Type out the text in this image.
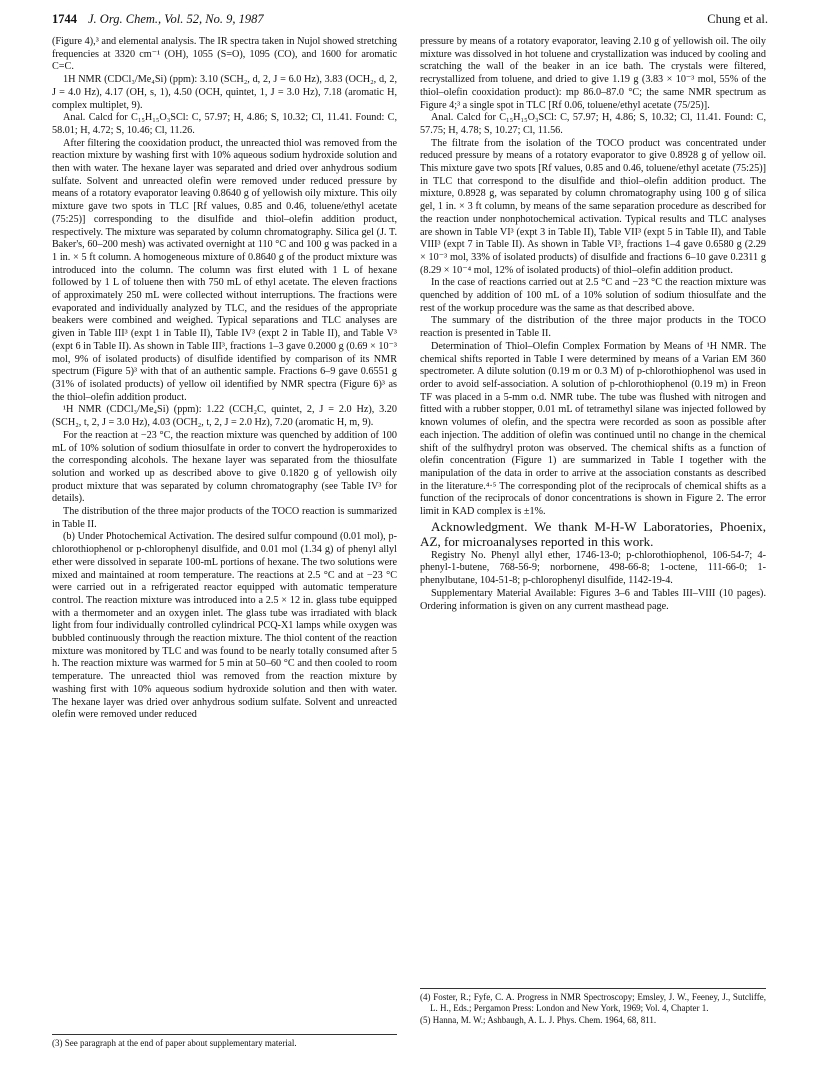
1744 J. Org. Chem., Vol. 52, No. 9, 1987	Chung et al.

(Figure 4),³ and elemental analysis. The IR spectra taken in Nujol showed stretching frequencies at 3320 cm⁻¹ (OH), 1055 (S=O), 1095 (CO), and 1600 for aromatic C=C.

1H NMR (CDCl₃/Me₄Si) (ppm): 3.10 (SCH₂, d, 2, J = 6.0 Hz), 3.83 (OCH₂, d, 2, J = 4.0 Hz), 4.17 (OH, s, 1), 4.50 (OCH, quintet, 1, J = 3.0 Hz), 7.18 (aromatic H, complex multiplet, 9).

Anal. Calcd for C₁₅H₁₅O₃SCl: C, 57.97; H, 4.86; S, 10.32; Cl, 11.41. Found: C, 58.01; H, 4.72; S, 10.46; Cl, 11.26.

After filtering the cooxidation product, the unreacted thiol was removed from the reaction mixture by washing first with 10% aqueous sodium hydroxide solution and then with water. The hexane layer was separated and dried over anhydrous sodium sulfate. Solvent and unreacted olefin were removed under reduced pressure by means of a rotatory evaporator leaving 0.8640 g of yellowish oily mixture. This oily mixture gave two spots in TLC [Rf values, 0.85 and 0.46, toluene/ethyl acetate (75:25)] corresponding to the disulfide and thiol–olefin addition product, respectively. The mixture was separated by column chromatography. Silica gel (J. T. Baker's, 60–200 mesh) was activated overnight at 110 °C and 100 g was packed in a 1 in. × 5 ft column. A homogeneous mixture of 0.8640 g of the product mixture was introduced into the column. The column was first eluted with 1 L of hexane followed by 1 L of toluene then with 750 mL of ethyl acetate. The eleven fractions of approximately 250 mL were collected without interruptions. The fractions were evaporated and individually analyzed by TLC, and the residues of the appropriate beakers were combined and weighed. Typical separations and TLC analyses are given in Table III³ (expt 1 in Table II), Table IV³ (expt 2 in Table II), and Table V³ (expt 6 in Table II). As shown in Table III³, fractions 1–3 gave 0.2000 g (0.69 × 10⁻³ mol, 9% of isolated products) of disulfide identified by comparison of its NMR spectrum (Figure 5)³ with that of an authentic sample. Fractions 6–9 gave 0.6551 g (31% of isolated products) of yellow oil identified by NMR spectra (Figure 6)³ as the thiol–olefin addition product.

¹H NMR (CDCl₃/Me₄Si) (ppm): 1.22 (CCH₂C, quintet, 2, J = 2.0 Hz), 3.20 (SCH₂, t, 2, J = 3.0 Hz), 4.03 (OCH₂, t, 2, J = 2.0 Hz), 7.20 (aromatic H, m, 9).

For the reaction at −23 °C, the reaction mixture was quenched by addition of 100 mL of 10% solution of sodium thiosulfate in order to convert the hydroperoxides to the corresponding alcohols. The hexane layer was separated from the thiosulfate solution and worked up as described above to give 0.1820 g of yellowish oily product mixture that was separated by column chromatography (see Table IV³ for details).

The distribution of the three major products of the TOCO reaction is summarized in Table II.

(b) Under Photochemical Activation. The desired sulfur compound (0.01 mol), p-chlorothiophenol or p-chlorophenyl disulfide, and 0.01 mol (1.34 g) of phenyl allyl ether were dissolved in separate 100-mL portions of hexane. The two solutions were mixed and maintained at room temperature. The reactions at 2.5 °C and at −23 °C were carried out in a refrigerated reactor equipped with automatic temperature control. The reaction mixture was introduced into a 2.5 × 12 in. glass tube equipped with a thermometer and an oxygen inlet. The glass tube was irradiated with black light from four individually controlled cylindrical PCQ-X1 lamps while oxygen was bubbled continuously through the reaction mixture. The thiol content of the reaction mixture was monitored by TLC and was found to be nearly totally consumed after 5 h. The reaction mixture was warmed for 5 min at 50–60 °C and then cooled to room temperature. The unreacted thiol was removed from the reaction mixture by washing first with 10% aqueous sodium hydroxide solution and then with water. The hexane layer was dried over anhydrous sodium sulfate. Solvent and unreacted olefin were removed under reduced

pressure by means of a rotatory evaporator, leaving 2.10 g of yellowish oil. The oily mixture was dissolved in hot toluene and crystallization was induced by cooling and scratching the wall of the beaker in an ice bath. The crystals were filtered, recrystallized from toluene, and dried to give 1.19 g (3.83 × 10⁻³ mol, 55% of the thiol–olefin cooxidation product): mp 86.0–87.0 °C; the same NMR spectrum as Figure 4;³ a single spot in TLC [Rf 0.06, toluene/ethyl acetate (75/25)].

Anal. Calcd for C₁₅H₁₅O₃SCl: C, 57.97; H, 4.86; S, 10.32; Cl, 11.41. Found: C, 57.75; H, 4.78; S, 10.27; Cl, 11.56.

The filtrate from the isolation of the TOCO product was concentrated under reduced pressure by means of a rotatory evaporator to give 0.8928 g of yellow oil. This mixture gave two spots [Rf values, 0.85 and 0.46, toluene/ethyl acetate (75:25)] in TLC that correspond to the disulfide and thiol–olefin addition product. The mixture, 0.8928 g, was separated by column chromatography using 100 g of silica gel, 1 in. × 3 ft column, by means of the same separation procedure as described for the reaction under nonphotochemical activation. Typical results and TLC analyses are shown in Table VI³ (expt 3 in Table II), Table VII³ (expt 5 in Table II), and Table VIII³ (expt 7 in Table II). As shown in Table VI³, fractions 1–4 gave 0.6580 g (2.29 × 10⁻³ mol, 33% of isolated products) of disulfide and fractions 6–10 gave 0.2311 g (8.29 × 10⁻⁴ mol, 12% of isolated products) of thiol–olefin addition product.

In the case of reactions carried out at 2.5 °C and −23 °C the reaction mixture was quenched by addition of 100 mL of a 10% solution of sodium thiosulfate and the rest of the workup procedure was the same as that described above.

The summary of the distribution of the three major products in the TOCO reaction is presented in Table II.

Determination of Thiol–Olefin Complex Formation by Means of ¹H NMR. The chemical shifts reported in Table I were determined by means of a Varian EM 360 spectrometer. A dilute solution (0.19 m or 0.3 M) of p-chlorothiophenol was used in order to avoid self-association. A solution of p-chlorothiophenol (0.19 m) in Freon TF was placed in a 5-mm o.d. NMR tube. The tube was flushed with nitrogen and fitted with a rubber stopper, 0.01 mL of tetramethyl silane was injected followed by known volumes of olefin, and the spectra were recorded as soon as possible after each injection. The addition of olefin was continued until no change in the chemical shift of the sulfhydryl proton was observed. The chemical shifts as a function of olefin concentration (Figure 1) are summarized in Table I together with the manipulation of the data in order to arrive at the association constants as described in the literature.⁴·⁵ The corresponding plot of the reciprocals of chemical shifts as a function of the reciprocals of donor concentrations is shown in Figure 2. The error limit in KAD complex is ±1%.

Acknowledgment. We thank M-H-W Laboratories, Phoenix, AZ, for microanalyses reported in this work.

Registry No. Phenyl allyl ether, 1746-13-0; p-chlorothiophenol, 106-54-7; 4-phenyl-1-butene, 768-56-9; norbornene, 498-66-8; 1-octene, 111-66-0; 1-phenylbutane, 104-51-8; p-chlorophenyl disulfide, 1142-19-4.

Supplementary Material Available: Figures 3–6 and Tables III–VIII (10 pages). Ordering information is given on any current masthead page.

(3) See paragraph at the end of paper about supplementary material.

(4) Foster, R.; Fyfe, C. A. Progress in NMR Spectroscopy; Emsley, J. W., Feeney, J., Sutcliffe, L. H., Eds.; Pergamon Press: London and New York, 1969; Vol. 4, Chapter 1.

(5) Hanna, M. W.; Ashbaugh, A. L. J. Phys. Chem. 1964, 68, 811.
